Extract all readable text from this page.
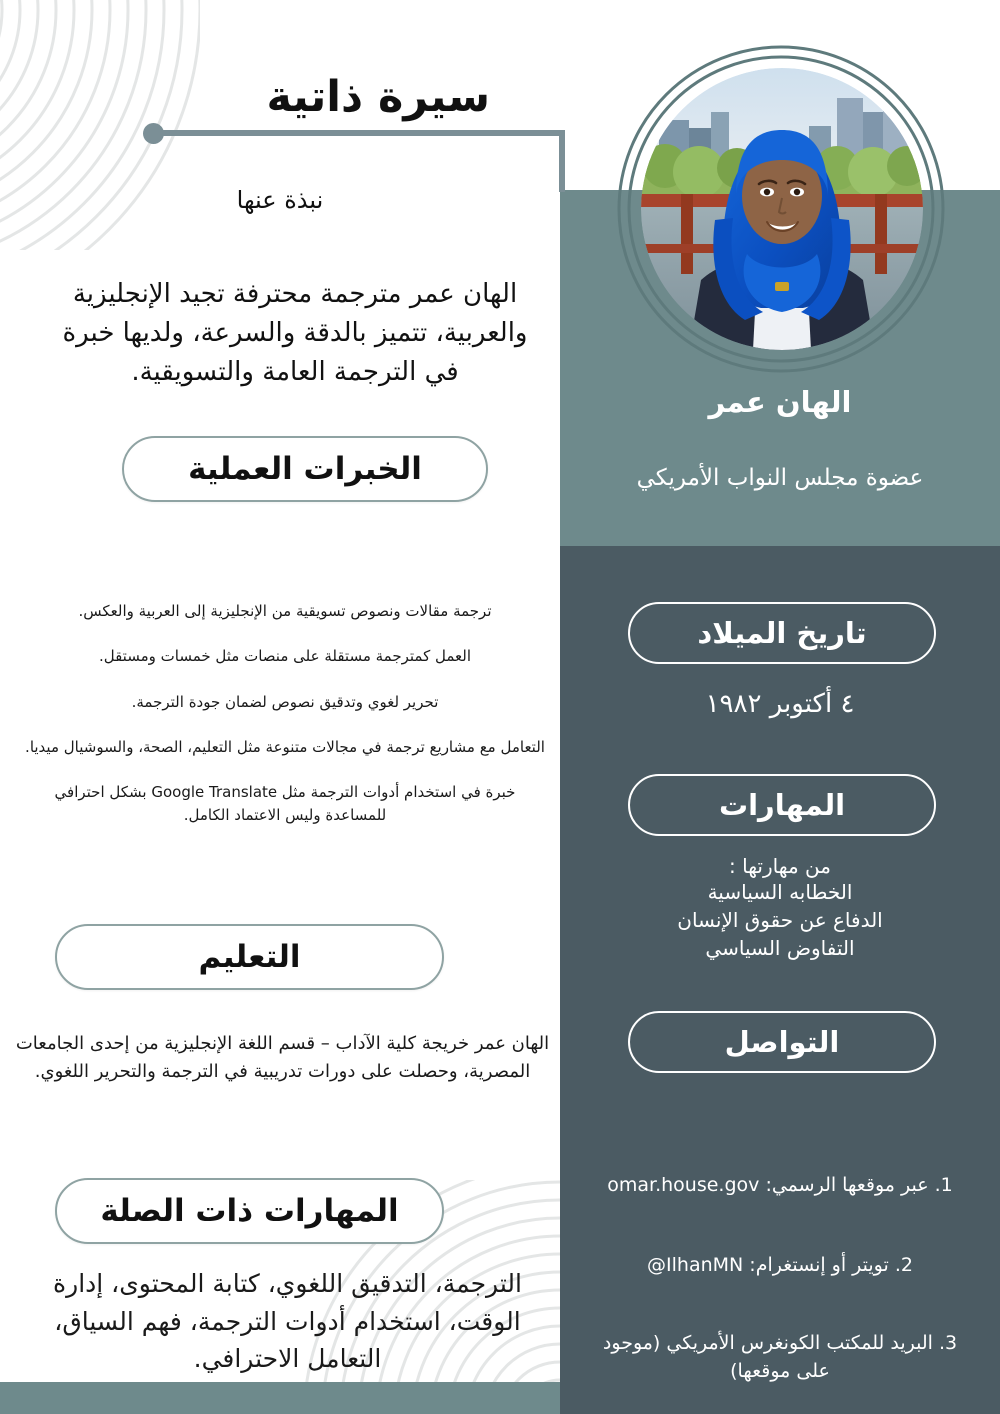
الهان عمر
عضوة مجلس النواب الأمريكي
تاريخ الميلاد
٤ أكتوبر ١٩٨٢
المهارات
من مهارتها :
الخطابه السياسية
الدفاع عن حقوق الإنسان
التفاوض السياسي
التواصل
1. عبر موقعها الرسمي: omar.house.gov
2. تويتر أو إنستغرام: IlhanMN@
3. البريد للمكتب الكونغرس الأمريكي (موجود على موقعها)
سيرة ذاتية
نبذة عنها
الهان عمر مترجمة محترفة تجيد الإنجليزية والعربية، تتميز بالدقة والسرعة، ولديها خبرة في الترجمة العامة والتسويقية.
الخبرات العملية

ترجمة مقالات ونصوص تسويقية من الإنجليزية إلى العربية والعكس.

العمل كمترجمة مستقلة على منصات مثل خمسات ومستقل.

تحرير لغوي وتدقيق نصوص لضمان جودة الترجمة.

التعامل مع مشاريع ترجمة في مجالات متنوعة مثل التعليم، الصحة، والسوشيال ميديا.

خبرة في استخدام أدوات الترجمة مثل Google Translate بشكل احترافي للمساعدة وليس الاعتماد الكامل.

التعليم
الهان عمر خريجة كلية الآداب – قسم اللغة الإنجليزية من إحدى الجامعات المصرية، وحصلت على دورات تدريبية في الترجمة والتحرير اللغوي.
المهارات ذات الصلة
الترجمة، التدقيق اللغوي، كتابة المحتوى، إدارة الوقت، استخدام أدوات الترجمة، فهم السياق، التعامل الاحترافي.
